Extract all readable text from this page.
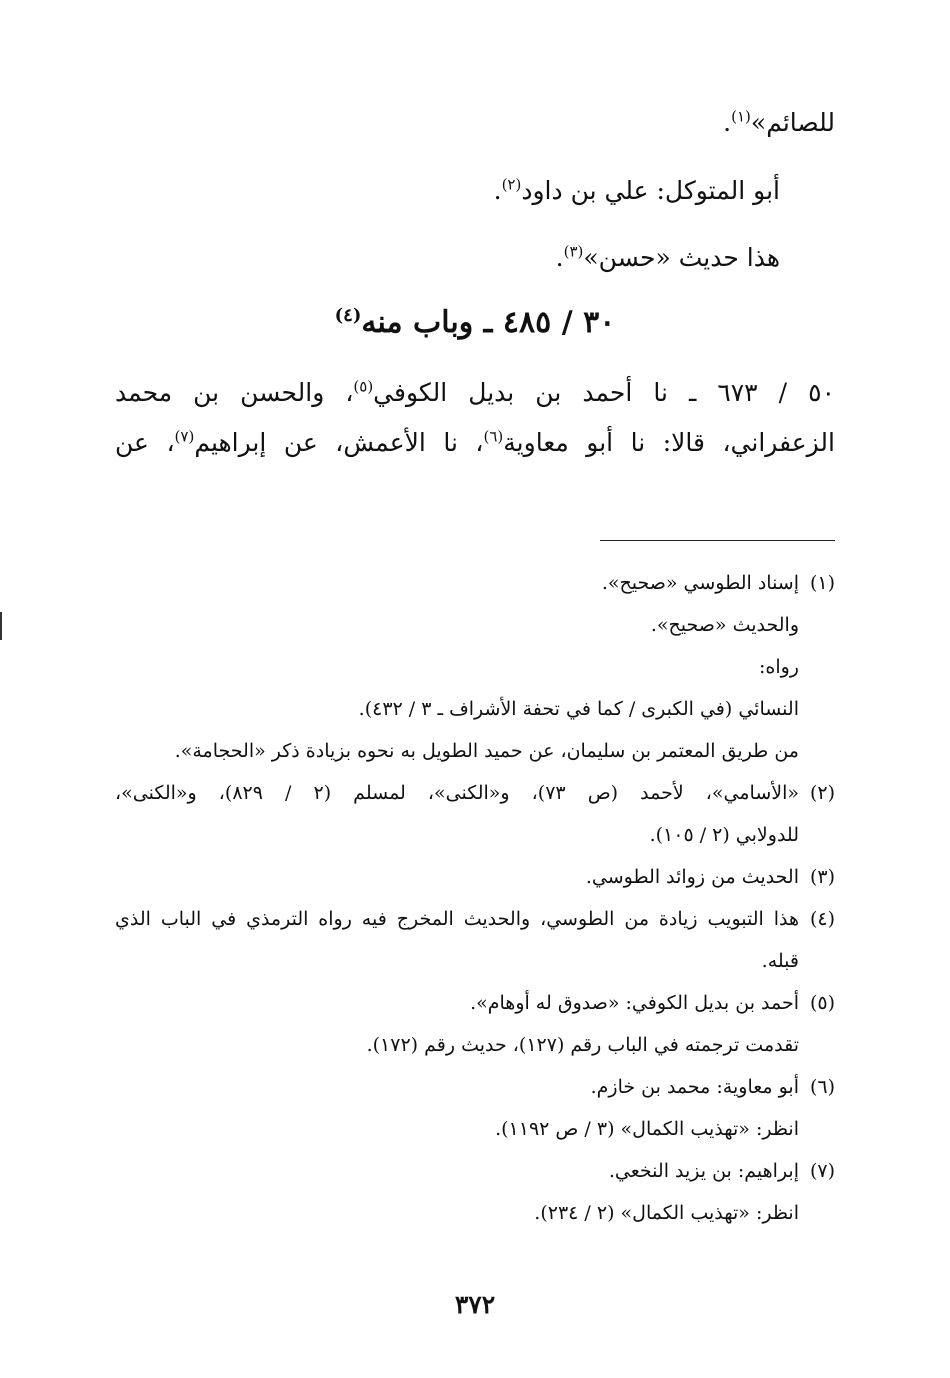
للصائم»$^{(١)}$.
أبو المتوكل: علي بن داود$^{(٢)}$.
هذا حديث «حسن»$^{(٣)}$.
٣٠ / ٤٨٥ ـ وباب منه$^{(٤)}$
٥٠ / ٦٧٣ ـ نا أحمد بن بديل الكوفي$^{(٥)}$، والحسن بن محمد
الزعفراني، قالا: نا أبو معاوية$^{(٦)}$، نا الأعمش، عن إبراهيم$^{(٧)}$، عن
(١)إسناد الطوسي «صحيح».
والحديث «صحيح».
رواه:
النسائي (في الكبرى / كما في تحفة الأشراف ـ ٣ / ٤٣٢).
من طريق المعتمر بن سليمان، عن حميد الطويل به نحوه بزيادة ذكر «الحجامة».
(٢)«الأسامي»، لأحمد (ص ٧٣)، و«الكنى»، لمسلم (٢ / ٨٢٩)، و«الكنى»،
للدولابي (٢ / ١٠٥).
(٣)الحديث من زوائد الطوسي.
(٤)هذا التبويب زيادة من الطوسي، والحديث المخرج فيه رواه الترمذي في الباب الذي
قبله.
(٥)أحمد بن بديل الكوفي: «صدوق له أوهام».
تقدمت ترجمته في الباب رقم (١٢٧)، حديث رقم (١٧٢).
(٦)أبو معاوية: محمد بن خازم.
انظر: «تهذيب الكمال» (٣ / ص ١١٩٢).
(٧)إبراهيم: بن يزيد النخعي.
انظر: «تهذيب الكمال» (٢ / ٢٣٤).
٣٧٢
